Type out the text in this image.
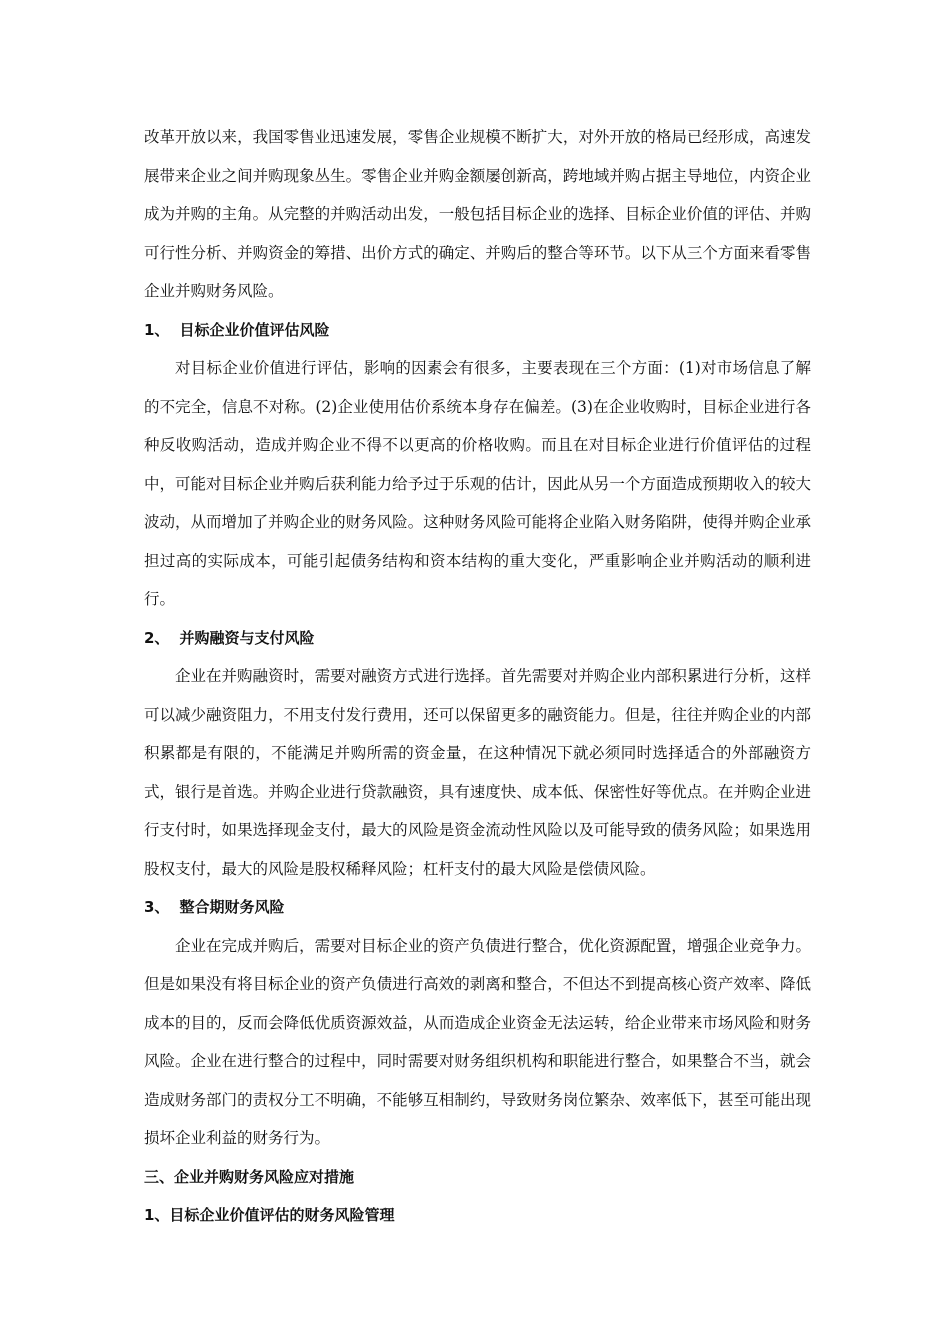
改革开放以来，我国零售业迅速发展，零售企业规模不断扩大，对外开放的格局已经形成，高速发展带来企业之间并购现象丛生。零售企业并购金额屡创新高，跨地域并购占据主导地位，内资企业成为并购的主角。从完整的并购活动出发，一般包括目标企业的选择、目标企业价值的评估、并购可行性分析、并购资金的筹措、出价方式的确定、并购后的整合等环节。以下从三个方面来看零售企业并购财务风险。

1、 目标企业价值评估风险

对目标企业价值进行评估，影响的因素会有很多，主要表现在三个方面：(1)对市场信息了解的不完全，信息不对称。(2)企业使用估价系统本身存在偏差。(3)在企业收购时，目标企业进行各种反收购活动，造成并购企业不得不以更高的价格收购。而且在对目标企业进行价值评估的过程中，可能对目标企业并购后获利能力给予过于乐观的估计，因此从另一个方面造成预期收入的较大波动，从而增加了并购企业的财务风险。这种财务风险可能将企业陷入财务陷阱，使得并购企业承担过高的实际成本，可能引起债务结构和资本结构的重大变化，严重影响企业并购活动的顺利进行。

2、 并购融资与支付风险

企业在并购融资时，需要对融资方式进行选择。首先需要对并购企业内部积累进行分析，这样可以减少融资阻力，不用支付发行费用，还可以保留更多的融资能力。但是，往往并购企业的内部积累都是有限的，不能满足并购所需的资金量，在这种情况下就必须同时选择适合的外部融资方式，银行是首选。并购企业进行贷款融资，具有速度快、成本低、保密性好等优点。在并购企业进行支付时，如果选择现金支付，最大的风险是资金流动性风险以及可能导致的债务风险；如果选用股权支付，最大的风险是股权稀释风险；杠杆支付的最大风险是偿债风险。

3、 整合期财务风险

企业在完成并购后，需要对目标企业的资产负债进行整合，优化资源配置，增强企业竞争力。但是如果没有将目标企业的资产负债进行高效的剥离和整合，不但达不到提高核心资产效率、降低成本的目的，反而会降低优质资源效益，从而造成企业资金无法运转，给企业带来市场风险和财务风险。企业在进行整合的过程中，同时需要对财务组织机构和职能进行整合，如果整合不当，就会造成财务部门的责权分工不明确，不能够互相制约，导致财务岗位繁杂、效率低下，甚至可能出现损坏企业利益的财务行为。

三、企业并购财务风险应对措施

1、目标企业价值评估的财务风险管理
